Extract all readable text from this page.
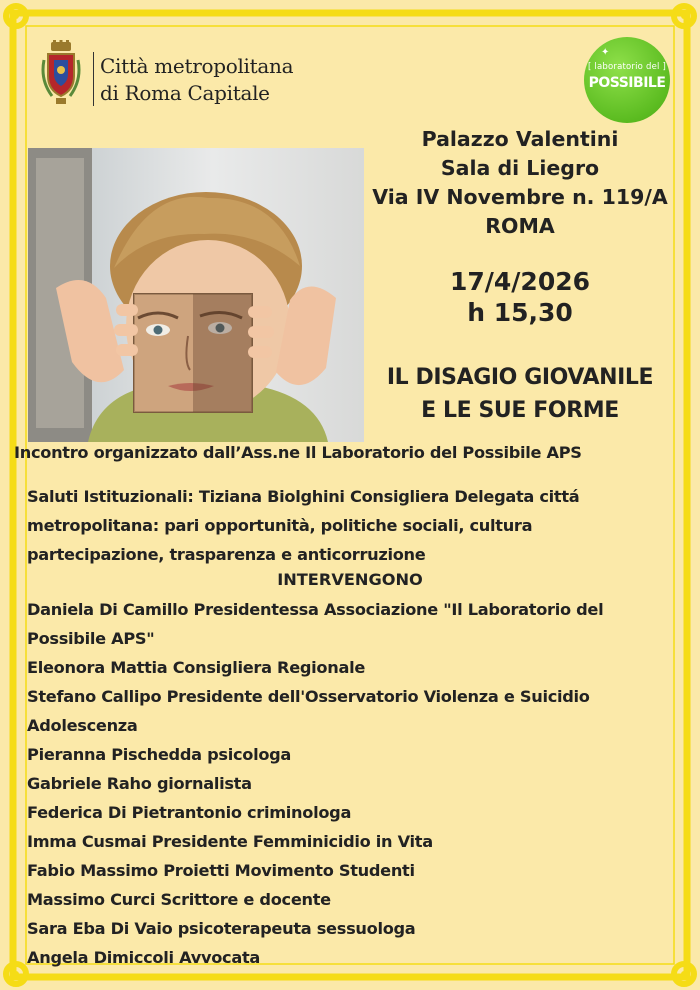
Città metropolitana
di Roma Capitale
✦
[ laboratorio del ]
POSSIBILE
Palazzo Valentini
Sala di Liegro
Via IV Novembre n. 119/A
ROMA
17/4/2026
h 15,30
IL DISAGIO GIOVANILE
E LE SUE FORME
Incontro organizzato dall’Ass.ne Il Laboratorio del Possibile APS
Saluti Istituzionali: Tiziana Biolghini Consigliera Delegata cittá
metropolitana: pari opportunità, politiche sociali, cultura
partecipazione, trasparenza e anticorruzione
INTERVENGONO
Daniela Di Camillo Presidentessa Associazione "Il Laboratorio del Possibile APS"
Eleonora Mattia Consigliera Regionale
Stefano Callipo Presidente dell'Osservatorio Violenza e Suicidio Adolescenza
Pieranna Pischedda psicologa
Gabriele Raho giornalista
Federica Di Pietrantonio criminologa
Imma Cusmai Presidente Femminicidio in Vita
Fabio Massimo Proietti Movimento Studenti
Massimo Curci Scrittore e docente
Sara Eba Di Vaio psicoterapeuta sessuologa
Angela Dimiccoli Avvocata
